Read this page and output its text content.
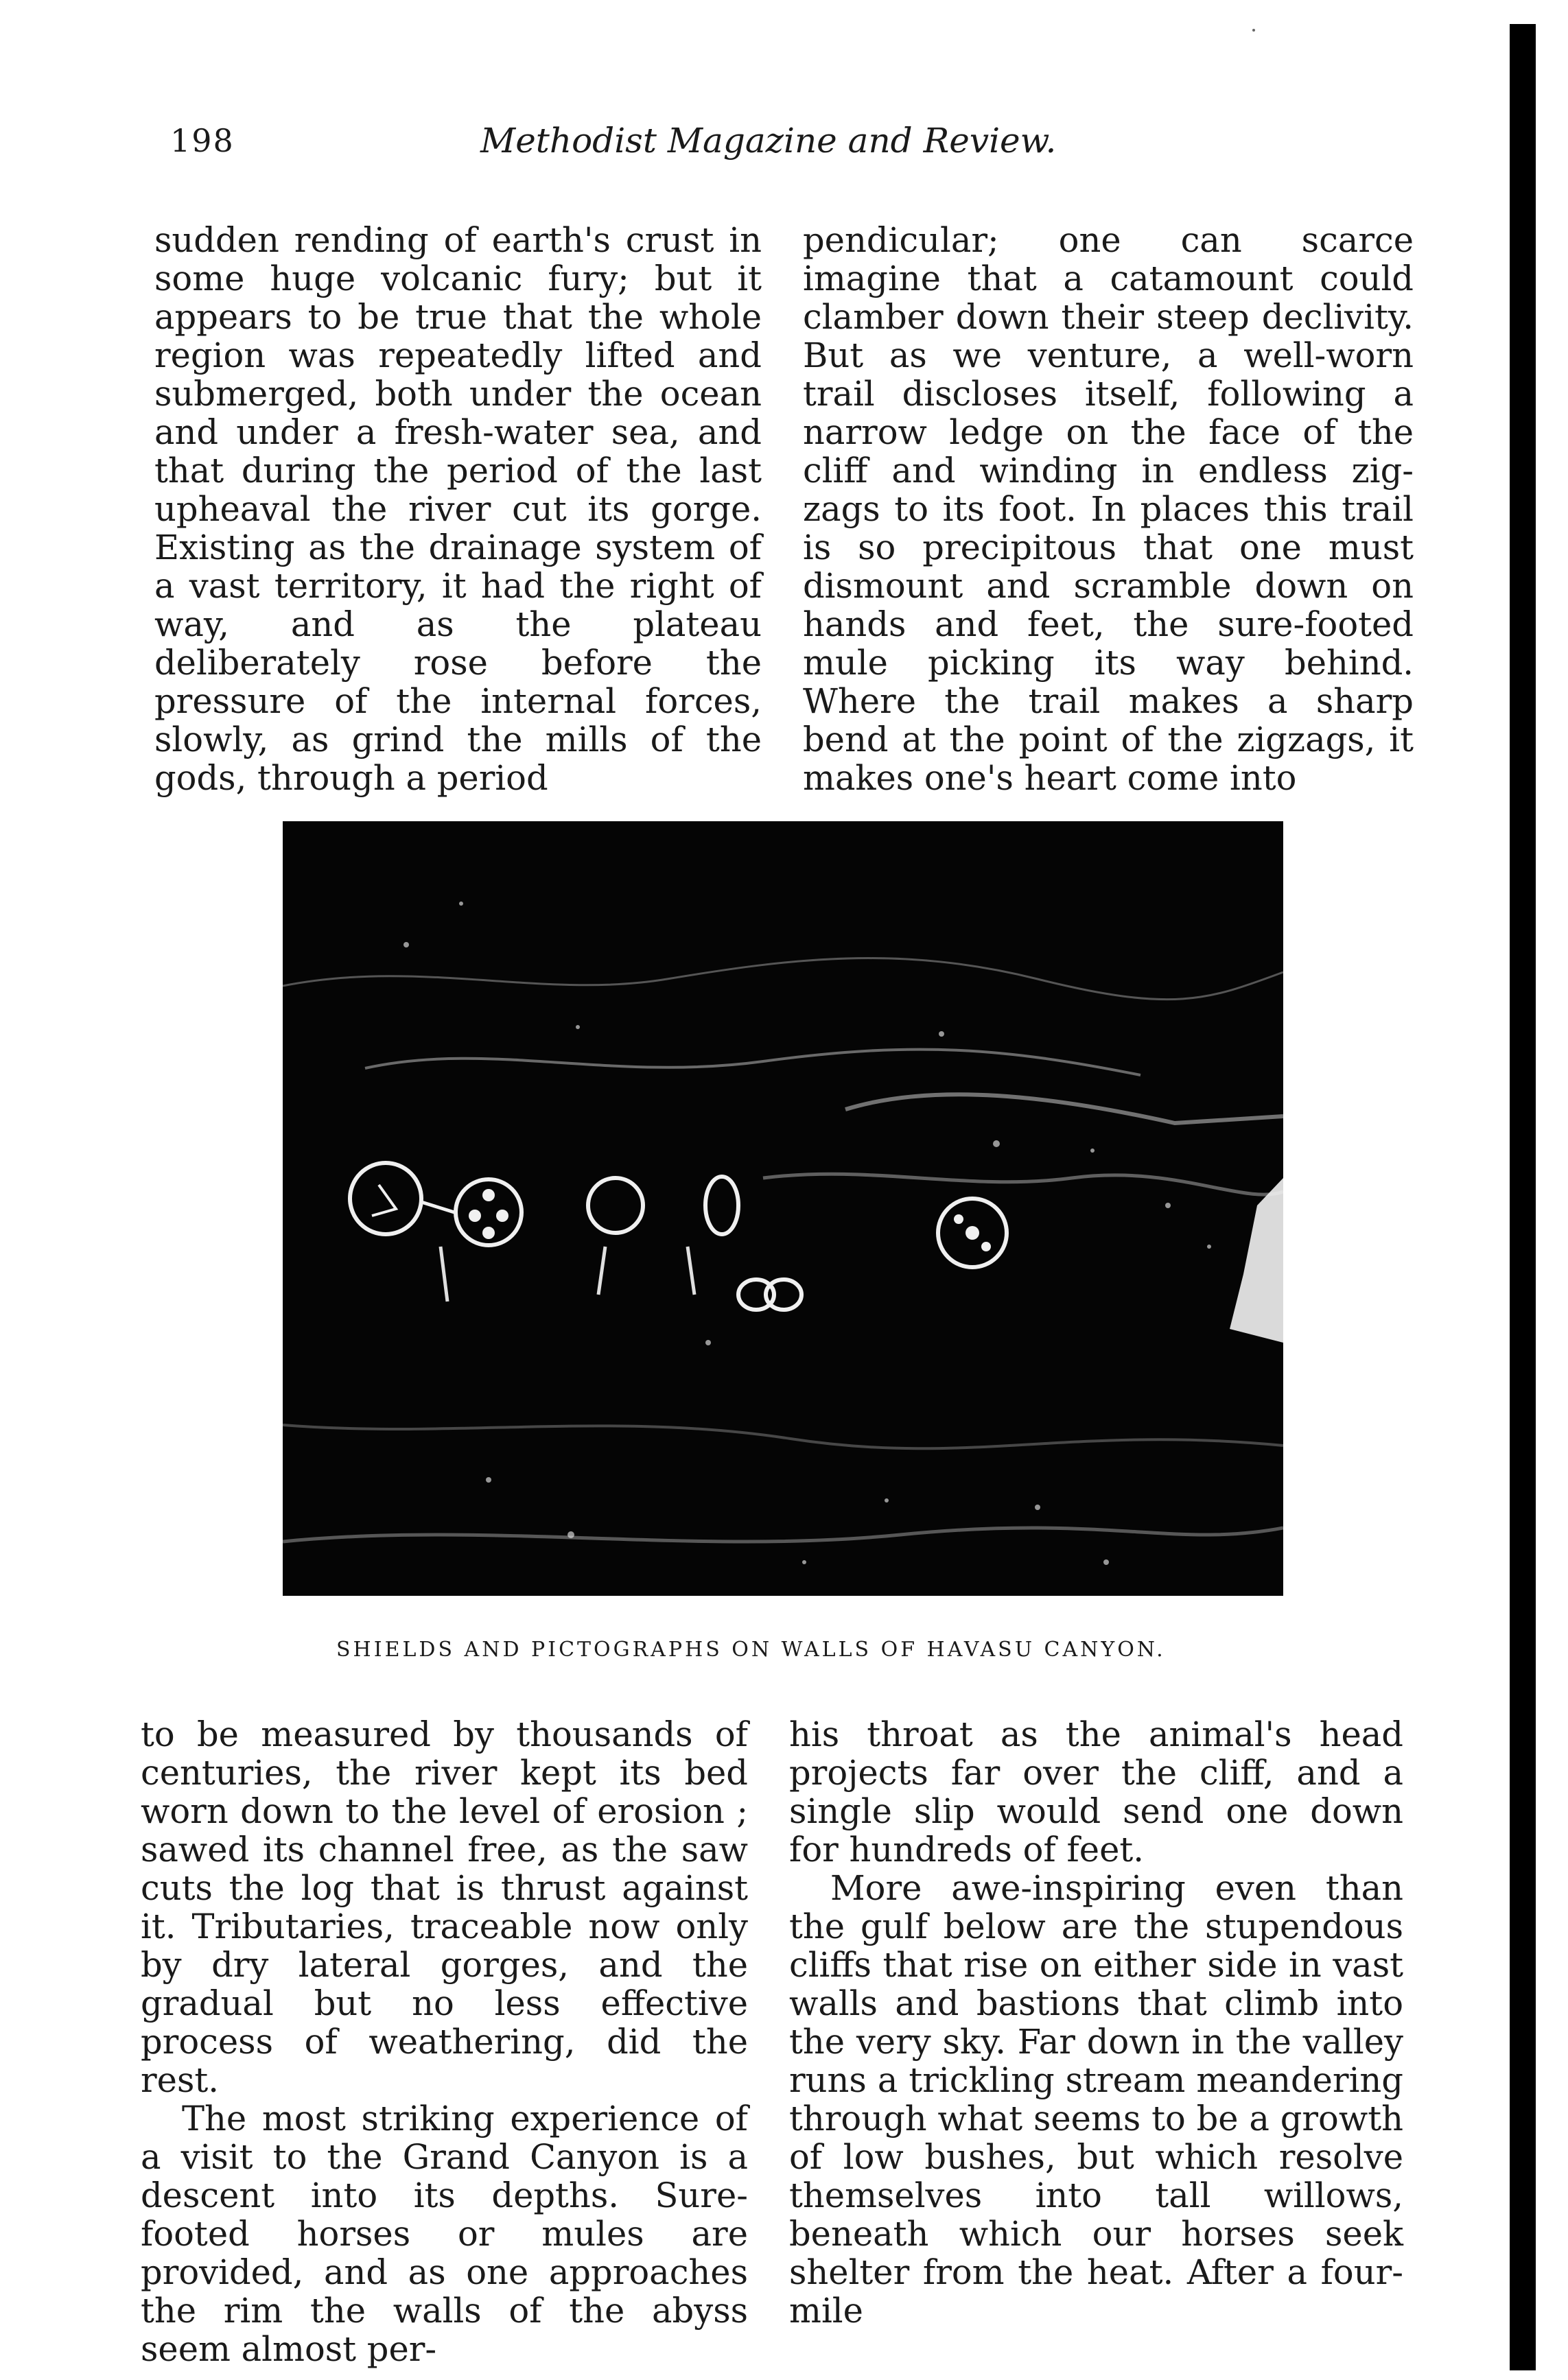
198	Methodist Magazine and Review.

sudden rending of earth's crust in some huge volcanic fury; but it appears to be true that the whole region was repeatedly lifted and submerged, both under the ocean and under a fresh-water sea, and that during the period of the last upheaval the river cut its gorge. Existing as the drainage system of a vast territory, it had the right of way, and as the plateau deliberately rose before the pressure of the internal forces, slowly, as grind the mills of the gods, through a period

pendicular; one can scarce imagine that a catamount could clamber down their steep declivity. But as we venture, a well-worn trail discloses itself, following a narrow ledge on the face of the cliff and winding in endless zig-zags to its foot. In places this trail is so precipitous that one must dismount and scramble down on hands and feet, the sure-footed mule picking its way behind. Where the trail makes a sharp bend at the point of the zigzags, it makes one's heart come into

SHIELDS AND PICTOGRAPHS ON WALLS OF HAVASU CANYON.

to be measured by thousands of centuries, the river kept its bed worn down to the level of erosion ; sawed its channel free, as the saw cuts the log that is thrust against it. Tributaries, traceable now only by dry lateral gorges, and the gradual but no less effective process of weathering, did the rest.

The most striking experience of a visit to the Grand Canyon is a descent into its depths. Sure-footed horses or mules are provided, and as one approaches the rim the walls of the abyss seem almost per-

his throat as the animal's head projects far over the cliff, and a single slip would send one down for hundreds of feet.

More awe-inspiring even than the gulf below are the stupendous cliffs that rise on either side in vast walls and bastions that climb into the very sky. Far down in the valley runs a trickling stream meandering through what seems to be a growth of low bushes, but which resolve themselves into tall willows, beneath which our horses seek shelter from the heat. After a four-mile
